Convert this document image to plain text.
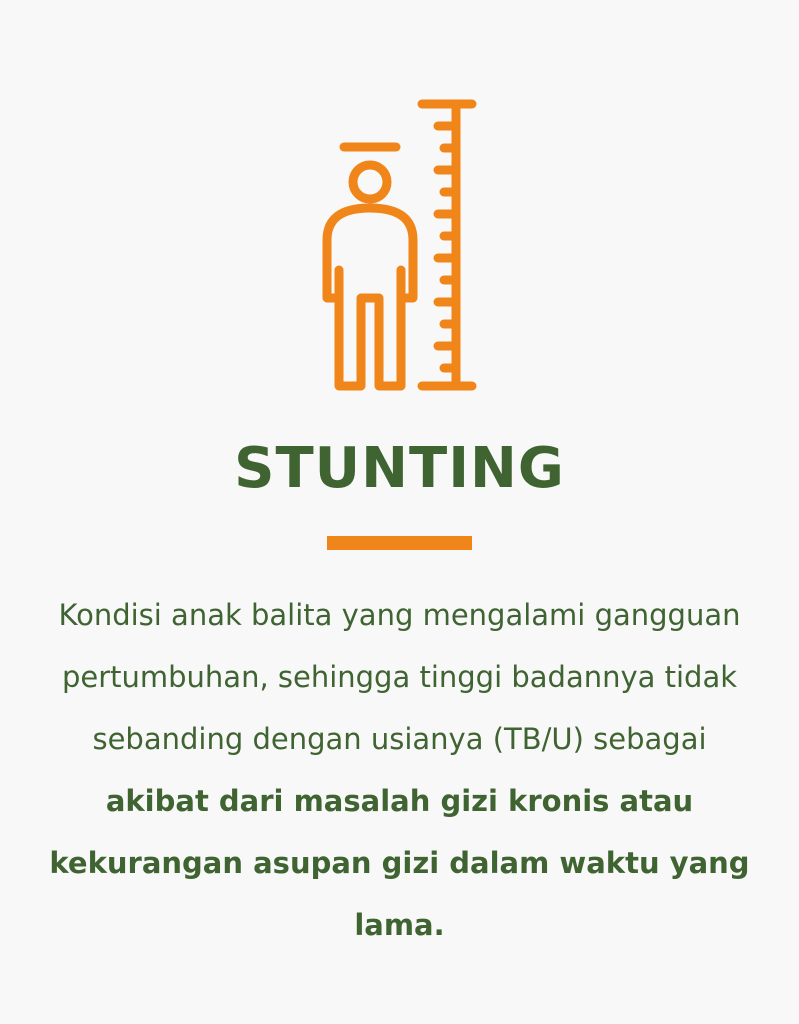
STUNTING
Kondisi anak balita yang mengalami gangguan pertumbuhan, sehingga tinggi badannya tidak sebanding dengan usianya (TB/U) sebagai akibat dari masalah gizi kronis atau kekurangan asupan gizi dalam waktu yang lama.
